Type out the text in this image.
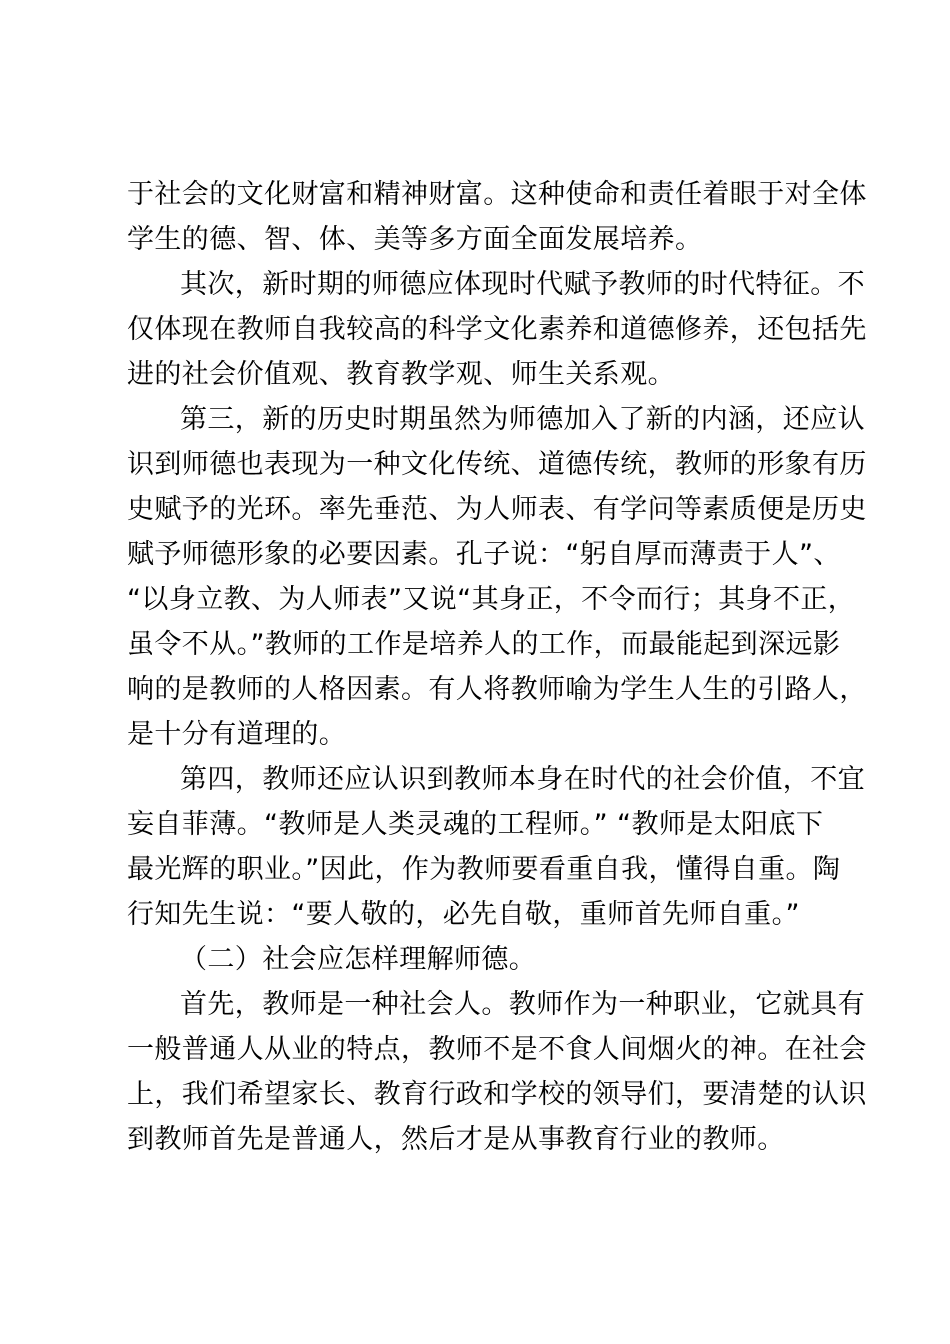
于社会的文化财富和精神财富。这种使命和责任着眼于对全体
学生的德、智、体、美等多方面全面发展培养。
其次，新时期的师德应体现时代赋予教师的时代特征。不
仅体现在教师自我较高的科学文化素养和道德修养，还包括先
进的社会价值观、教育教学观、师生关系观。
第三，新的历史时期虽然为师德加入了新的内涵，还应认
识到师德也表现为一种文化传统、道德传统，教师的形象有历
史赋予的光环。率先垂范、为人师表、有学问等素质便是历史
赋予师德形象的必要因素。孔子说：“躬自厚而薄责于人”、
“以身立教、为人师表”又说“其身正，不令而行；其身不正，
虽令不从。”教师的工作是培养人的工作，而最能起到深远影
响的是教师的人格因素。有人将教师喻为学生人生的引路人，
是十分有道理的。
第四，教师还应认识到教师本身在时代的社会价值，不宜
妄自菲薄。“教师是人类灵魂的工程师。” “教师是太阳底下
最光辉的职业。”因此，作为教师要看重自我，懂得自重。陶
行知先生说：“要人敬的，必先自敬，重师首先师自重。”
（二）社会应怎样理解师德。
首先，教师是一种社会人。教师作为一种职业，它就具有
一般普通人从业的特点，教师不是不食人间烟火的神。在社会
上，我们希望家长、教育行政和学校的领导们，要清楚的认识
到教师首先是普通人，然后才是从事教育行业的教师。
